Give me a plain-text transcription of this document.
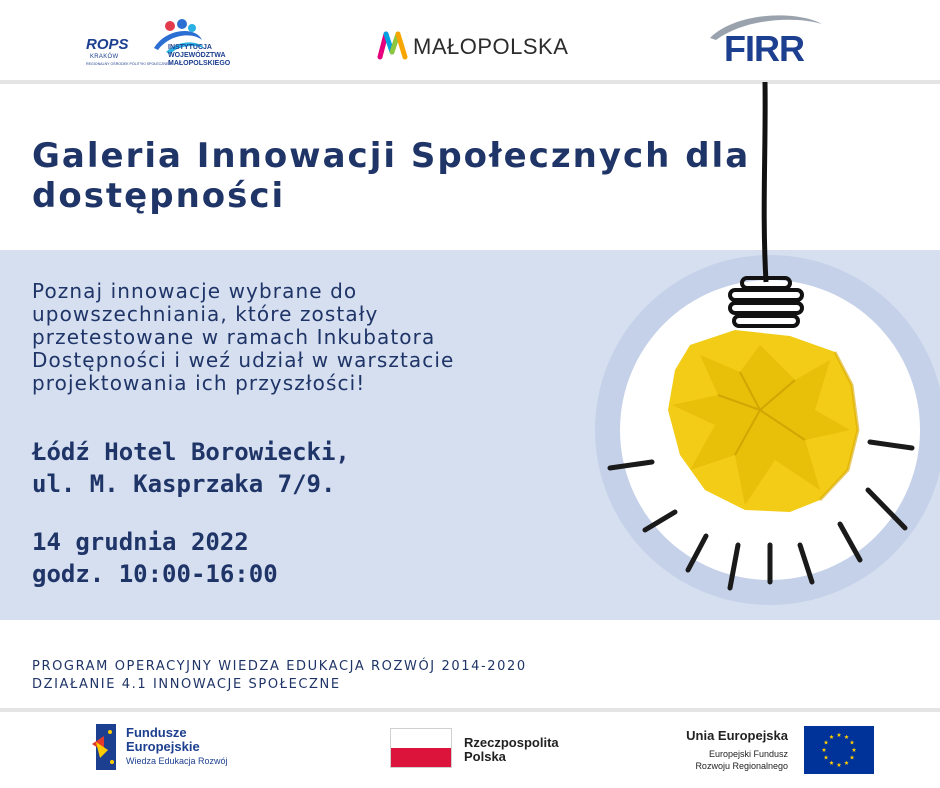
ROPS
KRAKÓW
REGIONALNY OŚRODEK POLITYKI SPOŁECZNEJ
INSTYTUCJA WOJEWÓDZTWA MAŁOPOLSKIEGO
MAŁOPOLSKA	FIRR
Galeria Innowacji Społecznych dla dostępności

Poznaj innowacje wybrane do upowszechniania, które zostały przetestowane w ramach Inkubatora Dostępności i weź udział w warsztacie projektowania ich przyszłości!

Łódź Hotel Borowiecki,
ul. M. Kasprzaka 7/9.
14 grudnia 2022
godz. 10:00-16:00
PROGRAM OPERACYJNY WIEDZA EDUKACJA ROZWÓJ 2014-2020
DZIAŁANIE 4.1 INNOWACJE SPOŁECZNE
Fundusze
Europejskie
Wiedza Edukacja Rozwój
Rzeczpospolita
Polska
Unia Europejska
Europejski Fundusz
Rozwoju Regionalnego
